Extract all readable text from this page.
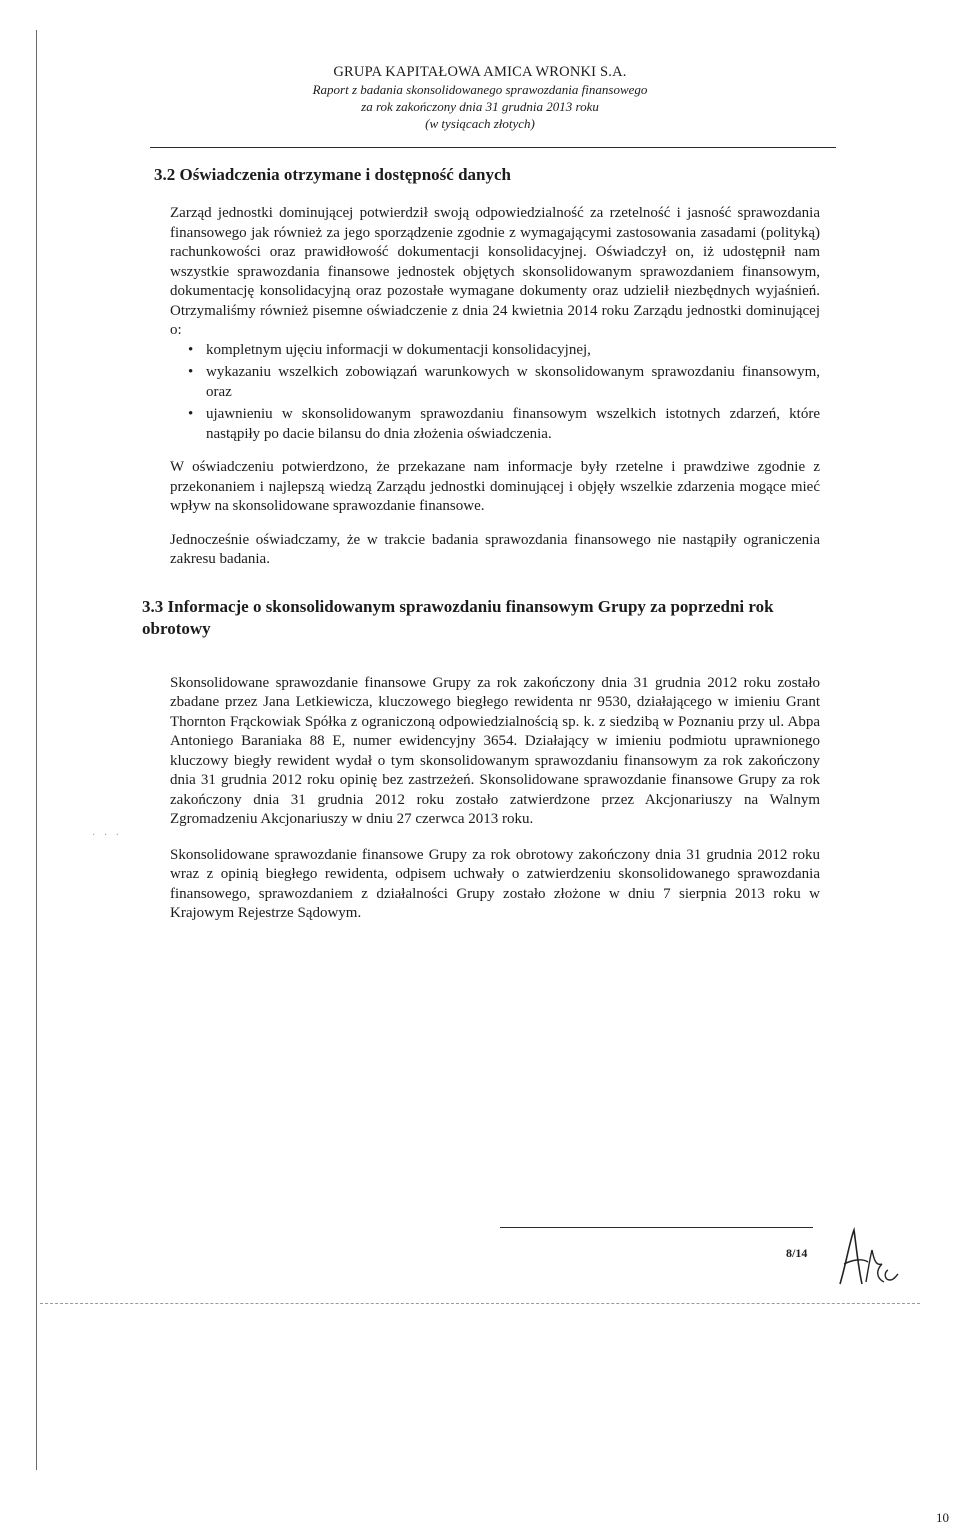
GRUPA KAPITAŁOWA AMICA WRONKI S.A.
Raport z badania skonsolidowanego sprawozdania finansowego
za rok zakończony dnia 31 grudnia 2013 roku
(w tysiącach złotych)
3.2 Oświadczenia otrzymane i dostępność danych

Zarząd jednostki dominującej potwierdził swoją odpowiedzialność za rzetelność i jasność sprawozdania finansowego jak również za jego sporządzenie zgodnie z wymagającymi zastosowania zasadami (polityką) rachunkowości oraz prawidłowość dokumentacji konsolidacyjnej. Oświadczył on, iż udostępnił nam wszystkie sprawozdania finansowe jednostek objętych skonsolidowanym sprawozdaniem finansowym, dokumentację konsolidacyjną oraz pozostałe wymagane dokumenty oraz udzielił niezbędnych wyjaśnień. Otrzymaliśmy również pisemne oświadczenie z dnia 24 kwietnia 2014 roku Zarządu jednostki dominującej o:

• kompletnym ujęciu informacji w dokumentacji konsolidacyjnej,
• wykazaniu wszelkich zobowiązań warunkowych w skonsolidowanym sprawozdaniu finansowym, oraz
• ujawnieniu w skonsolidowanym sprawozdaniu finansowym wszelkich istotnych zdarzeń, które nastąpiły po dacie bilansu do dnia złożenia oświadczenia.

W oświadczeniu potwierdzono, że przekazane nam informacje były rzetelne i prawdziwe zgodnie z przekonaniem i najlepszą wiedzą Zarządu jednostki dominującej i objęły wszelkie zdarzenia mogące mieć wpływ na skonsolidowane sprawozdanie finansowe.

Jednocześnie oświadczamy, że w trakcie badania sprawozdania finansowego nie nastąpiły ograniczenia zakresu badania.

3.3 Informacje o skonsolidowanym sprawozdaniu finansowym Grupy za poprzedni rok obrotowy

Skonsolidowane sprawozdanie finansowe Grupy za rok zakończony dnia 31 grudnia 2012 roku zostało zbadane przez Jana Letkiewicza, kluczowego biegłego rewidenta nr 9530, działającego w imieniu Grant Thornton Frąckowiak Spółka z ograniczoną odpowiedzialnością sp. k. z siedzibą w Poznaniu przy ul. Abpa Antoniego Baraniaka 88 E, numer ewidencyjny 3654. Działający w imieniu podmiotu uprawnionego kluczowy biegły rewident wydał o tym skonsolidowanym sprawozdaniu finansowym za rok zakończony dnia 31 grudnia 2012 roku opinię bez zastrzeżeń. Skonsolidowane sprawozdanie finansowe Grupy za rok zakończony dnia 31 grudnia 2012 roku zostało zatwierdzone przez Akcjonariuszy na Walnym Zgromadzeniu Akcjonariuszy w dniu 27 czerwca 2013 roku.

Skonsolidowane sprawozdanie finansowe Grupy za rok obrotowy zakończony dnia 31 grudnia 2012 roku wraz z opinią biegłego rewidenta, odpisem uchwały o zatwierdzeniu skonsolidowanego sprawozdania finansowego, sprawozdaniem z działalności Grupy zostało złożone w dniu 7 sierpnia 2013 roku w Krajowym Rejestrze Sądowym.

· · ·
8/14
10
